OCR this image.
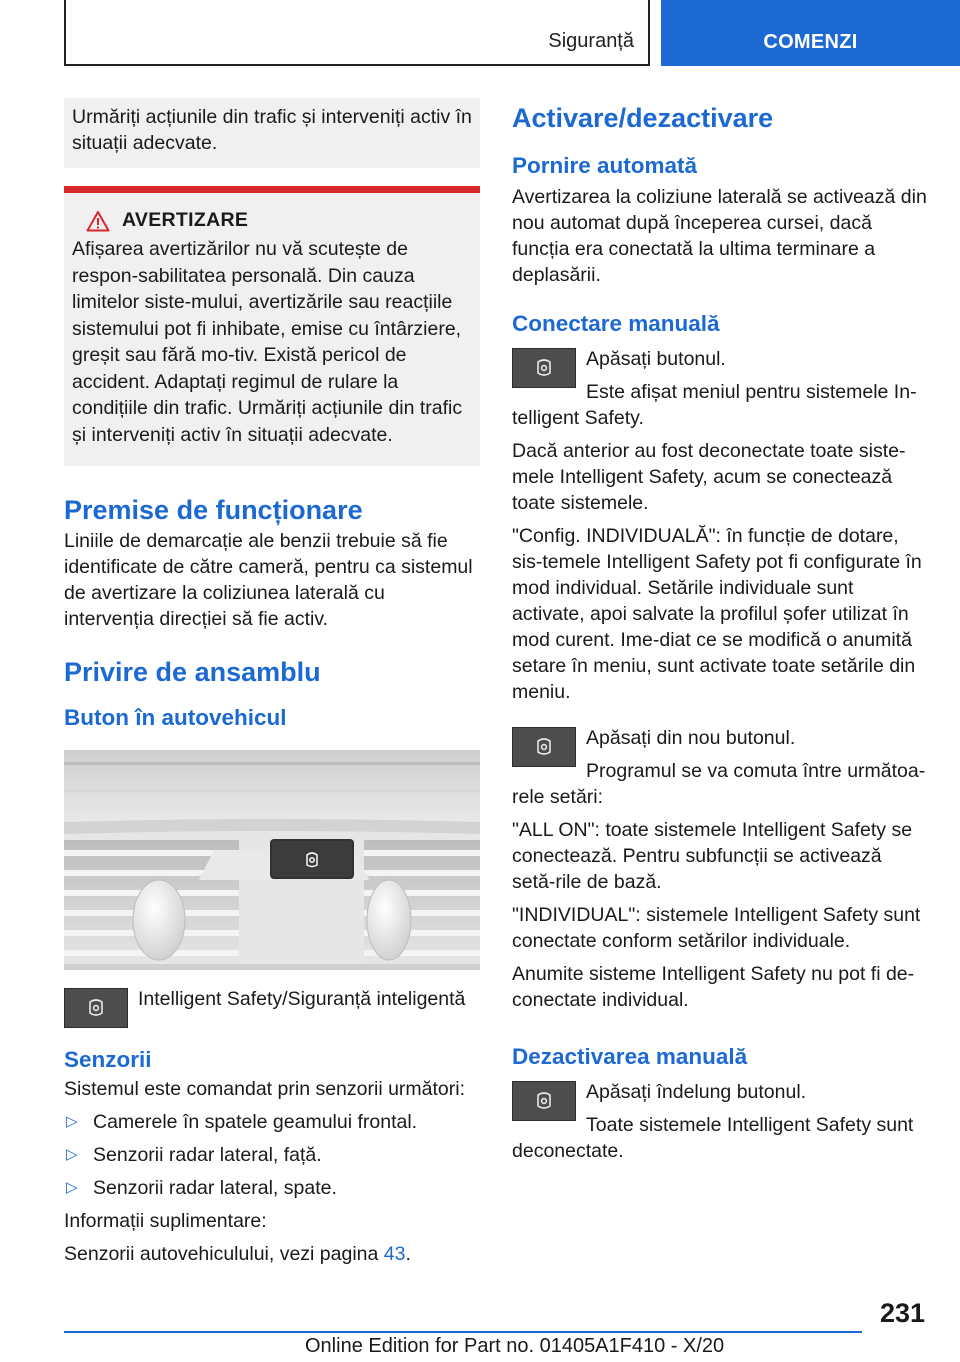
Siguranță	COMENZI
Urmăriți acțiunile din trafic și interveniți activ în situații adecvate.
AVERTIZARE
Afișarea avertizărilor nu vă scutește de respon-sabilitatea personală. Din cauza limitelor siste-mului, avertizările sau reacțiile sistemului pot fi inhibate, emise cu întârziere, greșit sau fără mo-tiv. Există pericol de accident. Adaptați regimul de rulare la condițiile din trafic. Urmăriți acțiunile din trafic și interveniți activ în situații adecvate.
Premise de funcționare

Liniile de demarcație ale benzii trebuie să fie identificate de către cameră, pentru ca sistemul de avertizare la coliziunea laterală cu intervenția direcției să fie activ.

Privire de ansamblu
Buton în autovehicul

Intelligent Safety/Siguranță inteligentă

Senzorii

Sistemul este comandat prin senzorii următori:

▷ Camerele în spatele geamului frontal.
▷ Senzorii radar lateral, față.
▷ Senzorii radar lateral, spate.

Informații suplimentare:

Senzorii autovehiculului, vezi pagina 43.

Activare/dezactivare
Pornire automată

Avertizarea la coliziune laterală se activează din nou automat după începerea cursei, dacă funcția era conectată la ultima terminare a deplasării.

Conectare manuală

Apăsați butonul.

Este afișat meniul pentru sistemele In-telligent Safety.

Dacă anterior au fost deconectate toate siste-mele Intelligent Safety, acum se conectează toate sistemele.

"Config. INDIVIDUALĂ": în funcție de dotare, sis-temele Intelligent Safety pot fi configurate în mod individual. Setările individuale sunt activate, apoi salvate la profilul șofer utilizat în mod curent. Ime-diat ce se modifică o anumită setare în meniu, sunt activate toate setările din meniu.

Apăsați din nou butonul.

Programul se va comuta între următoa-rele setări:

"ALL ON": toate sistemele Intelligent Safety se conectează. Pentru subfuncții se activează setă-rile de bază.

"INDIVIDUAL": sistemele Intelligent Safety sunt conectate conform setărilor individuale.

Anumite sisteme Intelligent Safety nu pot fi de-conectate individual.

Dezactivarea manuală

Apăsați îndelung butonul.

Toate sistemele Intelligent Safety sunt deconectate.

231
Online Edition for Part no. 01405A1F410 - X/20
